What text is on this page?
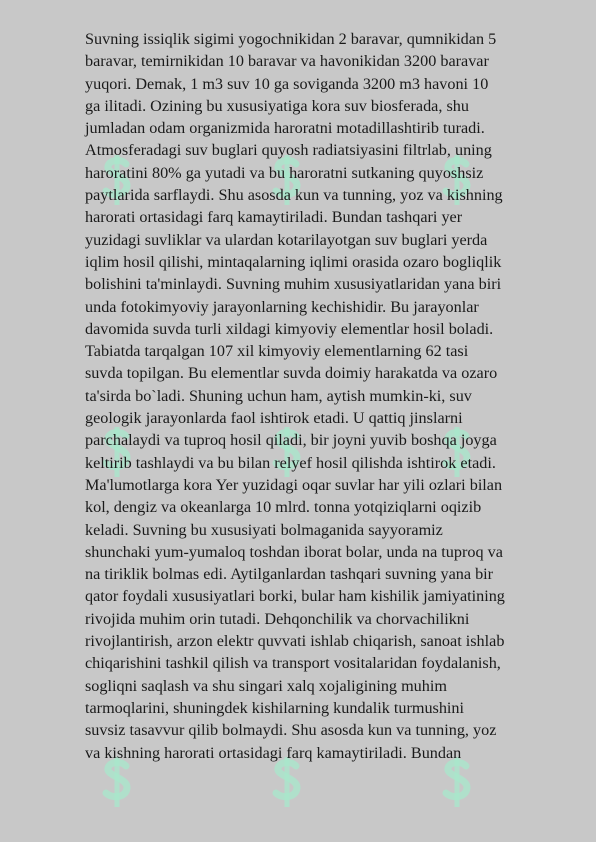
Suvning issiqlik sigimi yogochnikidan 2 baravar, qumnikidan 5
baravar, temirnikidan 10 baravar va havonikidan 3200 baravar
yuqori. Demak, 1 m3 suv 10 ga soviganda 3200 m3 havoni 10
ga ilitadi. Ozining bu xususiyatiga kora suv biosferada, shu
jumladan odam organizmida haroratni motadillashtirib turadi.
Atmosferadagi suv buglari quyosh radiatsiyasini filtrlab, uning
haroratini 80% ga yutadi va bu haroratni sutkaning quyoshsiz
paytlarida sarflaydi. Shu asosda kun va tunning, yoz va kishning
harorati ortasidagi farq kamaytiriladi. Bundan tashqari yer
yuzidagi suvliklar va ulardan kotarilayotgan suv buglari yerda
iqlim hosil qilishi, mintaqalarning iqlimi orasida ozaro bogliqlik
bolishini ta'minlaydi. Suvning muhim xususiyatlaridan yana biri
unda fotokimyoviy jarayonlarning kechishidir. Bu jarayonlar
davomida suvda turli xildagi kimyoviy elementlar hosil boladi.
Tabiatda tarqalgan 107 xil kimyoviy elementlarning 62 tasi
suvda topilgan. Bu elementlar suvda doimiy harakatda va ozaro
ta'sirda bo`ladi. Shuning uchun ham, aytish mumkin-ki, suv
geologik jarayonlarda faol ishtirok etadi. U qattiq jinslarni
parchalaydi va tuproq hosil qiladi, bir joyni yuvib boshqa joyga
keltirib tashlaydi va bu bilan relyef hosil qilishda ishtirok etadi.
Ma'lumotlarga kora Yer yuzidagi oqar suvlar har yili ozlari bilan
kol, dengiz va okeanlarga 10 mlrd. tonna yotqiziqlarni oqizib
keladi. Suvning bu xususiyati bolmaganida sayyoramiz
shunchaki yum-yumaloq toshdan iborat bolar, unda na tuproq va
na tiriklik bolmas edi. Aytilganlardan tashqari suvning yana bir
qator foydali xususiyatlari borki, bular ham kishilik jamiyatining
rivojida muhim orin tutadi. Dehqonchilik va chorvachilikni
rivojlantirish, arzon elektr quvvati ishlab chiqarish, sanoat ishlab
chiqarishini tashkil qilish va transport vositalaridan foydalanish,
sogliqni saqlash va shu singari xalq xojaligining muhim
tarmoqlarini, shuningdek kishilarning kundalik turmushini
suvsiz tasavvur qilib bolmaydi. Shu asosda kun va tunning, yoz
va kishning harorati ortasidagi farq kamaytiriladi. Bundan
